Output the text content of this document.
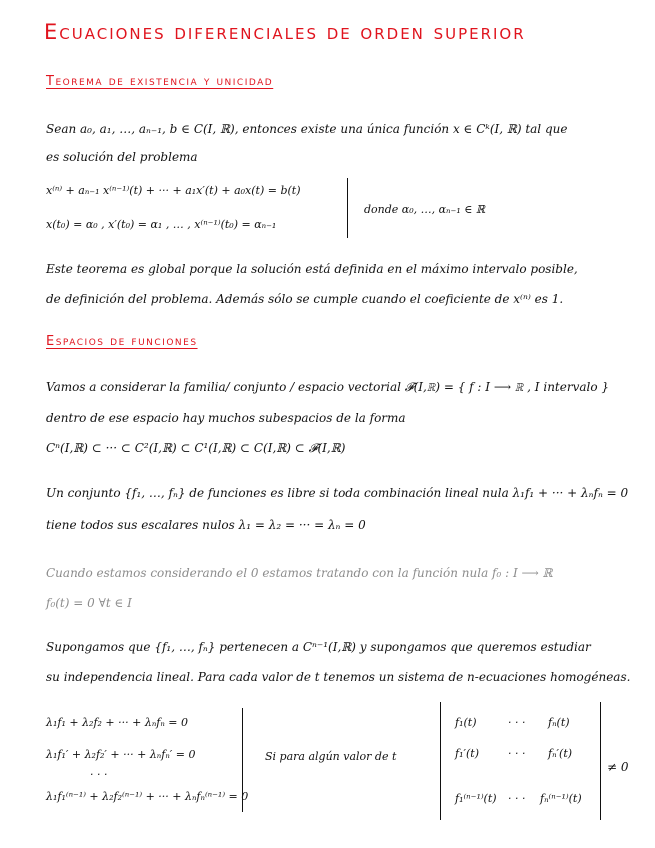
Ecuaciones diferenciales de orden superior
Teorema de existencia y unicidad
Sean a₀, a₁, …, aₙ₋₁, b ∈ C(I, ℝ), entonces existe una única función x ∈ Cᵏ(I, ℝ) tal que
es solución del problema
x⁽ⁿ⁾ + aₙ₋₁ x⁽ⁿ⁻¹⁾(t) + ··· + a₁x′(t) + a₀x(t) = b(t)
x(t₀) = α₀ , x′(t₀) = α₁ , … , x⁽ⁿ⁻¹⁾(t₀) = αₙ₋₁
donde α₀, …, αₙ₋₁ ∈ ℝ
Este teorema es global porque la solución está definida en el máximo intervalo posible,
de definición del problema. Además sólo se cumple cuando el coeficiente de x⁽ⁿ⁾ es 1.
Espacios de funciones
Vamos a considerar la familia/ conjunto / espacio vectorial 𝓕(I,ℝ) = { f : I ⟶ ℝ , I intervalo }
dentro de ese espacio hay muchos subespacios de la forma
Cⁿ(I,ℝ) ⊂ ··· ⊂ C²(I,ℝ) ⊂ C¹(I,ℝ) ⊂ C(I,ℝ) ⊂ 𝓕(I,ℝ)
Un conjunto {f₁, …, fₙ} de funciones es libre si toda combinación lineal nula λ₁f₁ + ··· + λₙfₙ = 0
tiene todos sus escalares nulos λ₁ = λ₂ = ··· = λₙ = 0
Cuando estamos considerando el 0 estamos tratando con la función nula f₀ : I ⟶ ℝ
f₀(t) = 0 ∀t ∈ I
Supongamos que {f₁, …, fₙ} pertenecen a Cⁿ⁻¹(I,ℝ) y supongamos que queremos estudiar
su independencia lineal. Para cada valor de t tenemos un sistema de n-ecuaciones homogéneas.
λ₁f₁ + λ₂f₂ + ··· + λₙfₙ = 0
λ₁f₁′ + λ₂f₂′ + ··· + λₙfₙ′ = 0
· · ·
λ₁f₁⁽ⁿ⁻¹⁾ + λ₂f₂⁽ⁿ⁻¹⁾ + ··· + λₙfₙ⁽ⁿ⁻¹⁾ = 0
Si para algún valor de t
f₁(t)	· · · fₙ(t)
f₁′(t)	· · · fₙ′(t)
f₁⁽ⁿ⁻¹⁾(t) · · · fₙ⁽ⁿ⁻¹⁾(t)
≠ 0
